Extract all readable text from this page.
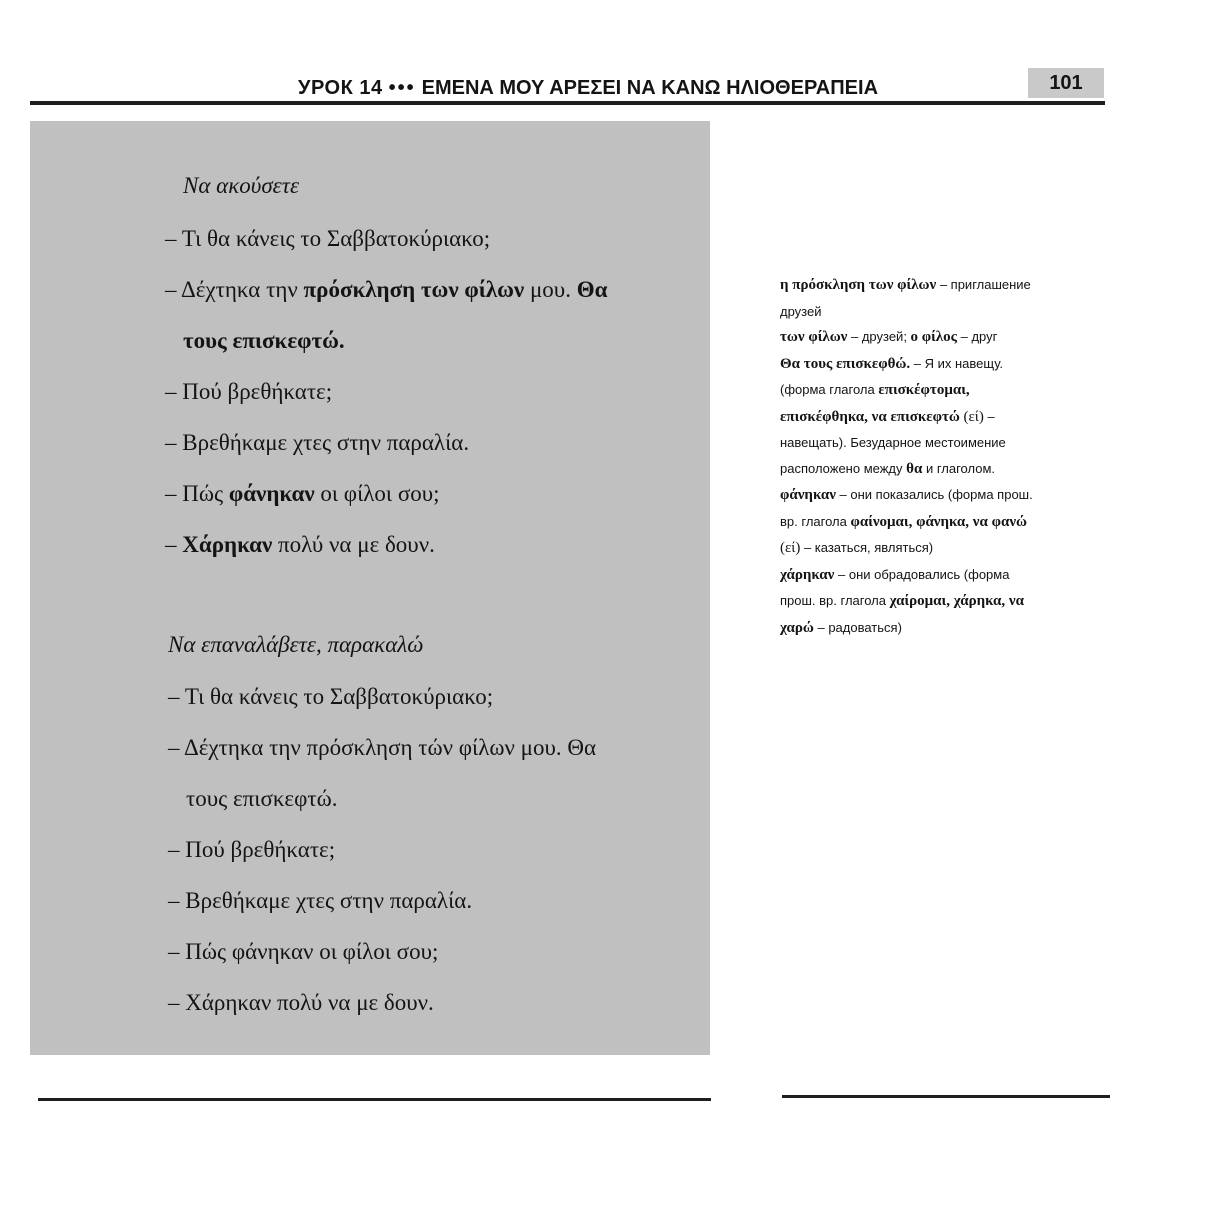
УРОК 14 ••• ΕΜΕΝΑ ΜΟΥ ΑΡΕΣΕΙ ΝΑ ΚΑΝΩ ΗΛΙΟΘΕΡΑΠΕΙΑ	101
Να ακούσετε
– Τι θα κάνεις το Σαββατοκύριακο;
– Δέχτηκα την πρόσκληση των φίλων μου. Θα
τους επισκεφτώ.
– Πού βρεθήκατε;
– Βρεθήκαμε χτες στην παραλία.
– Πώς φάνηκαν οι φίλοι σου;
– Χάρηκαν πολύ να με δουν.
Να επαναλάβετε, παρακαλώ
– Τι θα κάνεις το Σαββατοκύριακο;
– Δέχτηκα την πρόσκληση τών φίλων μου. Θα
τους επισκεφτώ.
– Πού βρεθήκατε;
– Βρεθήκαμε χτες στην παραλία.
– Πώς φάνηκαν οι φίλοι σου;
– Χάρηκαν πολύ να με δουν.
η πρόσκληση των φίλων – приглашение
друзей
των φίλων – друзей; ο φίλος – друг
Θα τους επισκεφθώ. – Я их навещу.
(форма глагола επισκέφτομαι,
επισκέφθηκα, να επισκεφτώ (εί) –
навещать). Безударное местоимение
расположено между θα и глаголом.
φάνηκαν – они показались (форма прош.
вр. глагола φαίνομαι, φάνηκα, να φανώ
(εί) – казаться, являться)
χάρηκαν – они обрадовались (форма
прош. вр. глагола χαίρομαι, χάρηκα, να
χαρώ – радоваться)
